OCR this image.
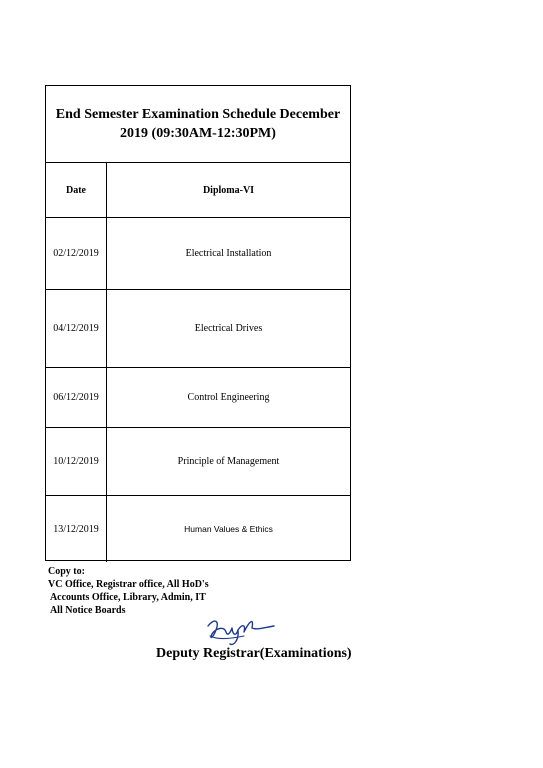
End Semester Examination Schedule December
2019 (09:30AM-12:30PM)
Date	Diploma-VI
02/12/2019	Electrical Installation
04/12/2019	Electrical Drives
06/12/2019	Control Engineering
10/12/2019	Principle of Management
13/12/2019	Human Values & Ethics
Copy to:
VC Office, Registrar office, All HoD's
Accounts Office, Library, Admin, IT
All Notice Boards
Deputy Registrar(Examinations)
